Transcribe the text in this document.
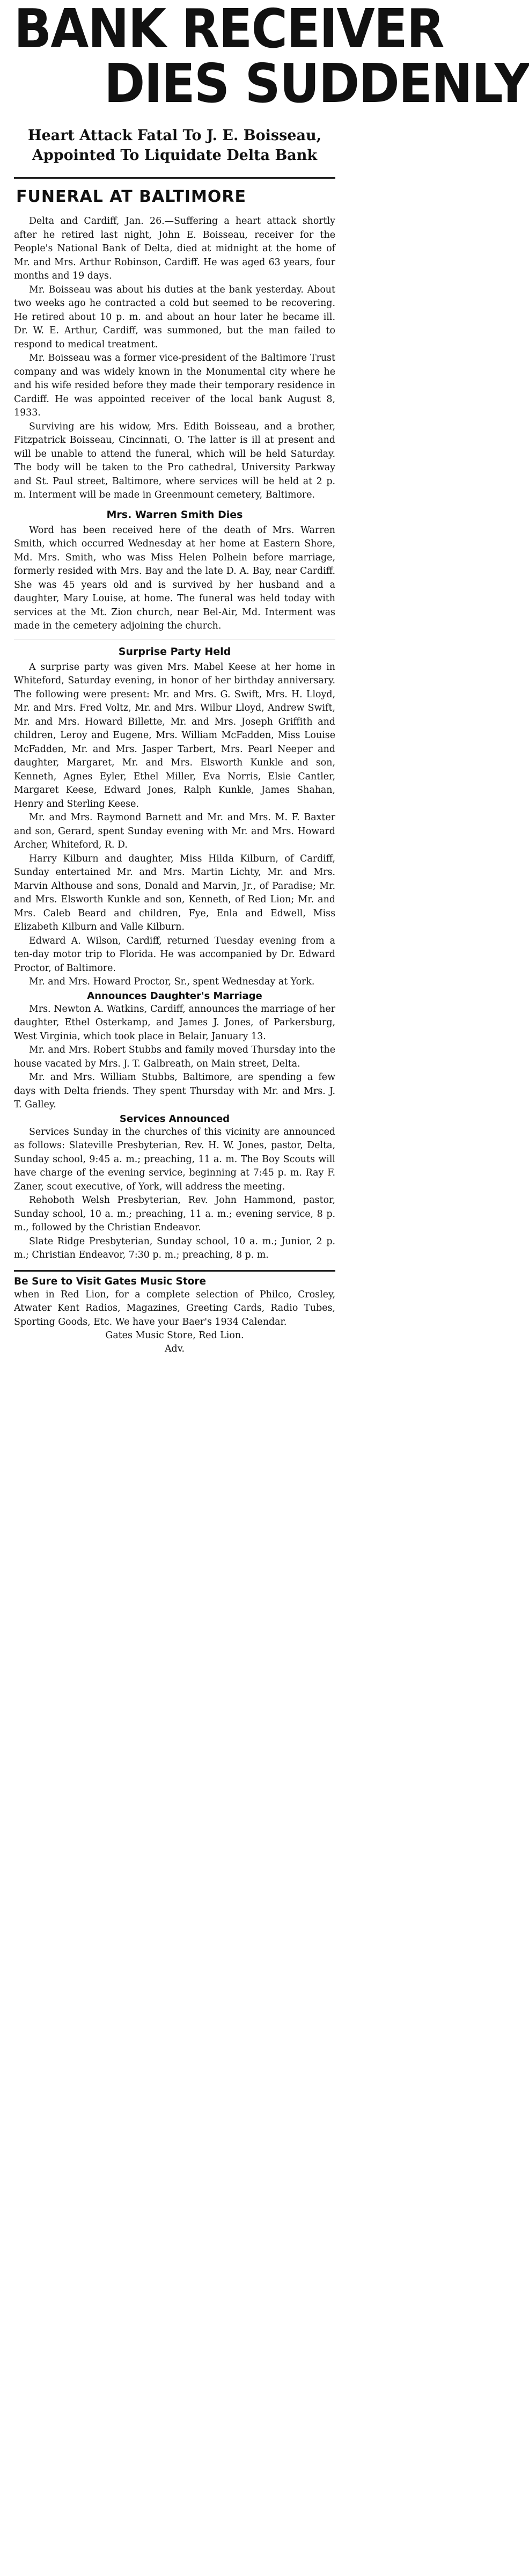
BANK RECEIVER
DIES SUDDENLY
Heart Attack Fatal To J. E. Boisseau, Appointed To Liquidate Delta Bank
FUNERAL AT BALTIMORE

Delta and Cardiff, Jan. 26.—Suffering a heart attack shortly after he retired last night, John E. Boisseau, receiver for the People's National Bank of Delta, died at midnight at the home of Mr. and Mrs. Arthur Robinson, Cardiff. He was aged 63 years, four months and 19 days.

Mr. Boisseau was about his duties at the bank yesterday. About two weeks ago he contracted a cold but seemed to be recovering. He retired about 10 p. m. and about an hour later he became ill. Dr. W. E. Arthur, Cardiff, was summoned, but the man failed to respond to medical treatment.

Mr. Boisseau was a former vice-president of the Baltimore Trust company and was widely known in the Monumental city where he and his wife resided before they made their temporary residence in Cardiff. He was appointed receiver of the local bank August 8, 1933.

Surviving are his widow, Mrs. Edith Boisseau, and a brother, Fitzpatrick Boisseau, Cincinnati, O. The latter is ill at present and will be unable to attend the funeral, which will be held Saturday. The body will be taken to the Pro cathedral, University Parkway and St. Paul street, Baltimore, where services will be held at 2 p. m. Interment will be made in Greenmount cemetery, Baltimore.

Mrs. Warren Smith Dies

Word has been received here of the death of Mrs. Warren Smith, which occurred Wednesday at her home at Eastern Shore, Md. Mrs. Smith, who was Miss Helen Polhein before marriage, formerly resided with Mrs. Bay and the late D. A. Bay, near Cardiff. She was 45 years old and is survived by her husband and a daughter, Mary Louise, at home. The funeral was held today with services at the Mt. Zion church, near Bel-Air, Md. Interment was made in the cemetery adjoining the church.

Surprise Party Held

A surprise party was given Mrs. Mabel Keese at her home in Whiteford, Saturday evening, in honor of her birthday anniversary. The following were present: Mr. and Mrs. G. Swift, Mrs. H. Lloyd, Mr. and Mrs. Fred Voltz, Mr. and Mrs. Wilbur Lloyd, Andrew Swift, Mr. and Mrs. Howard Billette, Mr. and Mrs. Joseph Griffith and children, Leroy and Eugene, Mrs. William McFadden, Miss Louise McFadden, Mr. and Mrs. Jasper Tarbert, Mrs. Pearl Neeper and daughter, Margaret, Mr. and Mrs. Elsworth Kunkle and son, Kenneth, Agnes Eyler, Ethel Miller, Eva Norris, Elsie Cantler, Margaret Keese, Edward Jones, Ralph Kunkle, James Shahan, Henry and Sterling Keese.

Mr. and Mrs. Raymond Barnett and Mr. and Mrs. M. F. Baxter and son, Gerard, spent Sunday evening with Mr. and Mrs. Howard Archer, Whiteford, R. D.

Harry Kilburn and daughter, Miss Hilda Kilburn, of Cardiff, Sunday entertained Mr. and Mrs. Martin Lichty, Mr. and Mrs. Marvin Althouse and sons, Donald and Marvin, Jr., of Paradise; Mr. and Mrs. Elsworth Kunkle and son, Kenneth, of Red Lion; Mr. and Mrs. Caleb Beard and children, Fye, Enla and Edwell, Miss Elizabeth Kilburn and Valle Kilburn.

Edward A. Wilson, Cardiff, returned Tuesday evening from a ten-day motor trip to Florida. He was accompanied by Dr. Edward Proctor, of Baltimore.

Mr. and Mrs. Howard Proctor, Sr., spent Wednesday at York.

Announces Daughter's Marriage

Mrs. Newton A. Watkins, Cardiff, announces the marriage of her daughter, Ethel Osterkamp, and James J. Jones, of Parkersburg, West Virginia, which took place in Belair, January 13.

Mr. and Mrs. Robert Stubbs and family moved Thursday into the house vacated by Mrs. J. T. Galbreath, on Main street, Delta.

Mr. and Mrs. William Stubbs, Baltimore, are spending a few days with Delta friends. They spent Thursday with Mr. and Mrs. J. T. Galley.

Services Announced

Services Sunday in the churches of this vicinity are announced as follows: Slateville Presbyterian, Rev. H. W. Jones, pastor, Delta, Sunday school, 9:45 a. m.; preaching, 11 a. m. The Boy Scouts will have charge of the evening service, beginning at 7:45 p. m. Ray F. Zaner, scout executive, of York, will address the meeting.

Rehoboth Welsh Presbyterian, Rev. John Hammond, pastor, Sunday school, 10 a. m.; preaching, 11 a. m.; evening service, 8 p. m., followed by the Christian Endeavor.

Slate Ridge Presbyterian, Sunday school, 10 a. m.; Junior, 2 p. m.; Christian Endeavor, 7:30 p. m.; preaching, 8 p. m.

Be Sure to Visit Gates Music Store
when in Red Lion, for a complete selection of Philco, Crosley, Atwater Kent Radios, Magazines, Greeting Cards, Radio Tubes, Sporting Goods, Etc. We have your Baer's 1934 Calendar.
Gates Music Store, Red Lion.
Adv.
